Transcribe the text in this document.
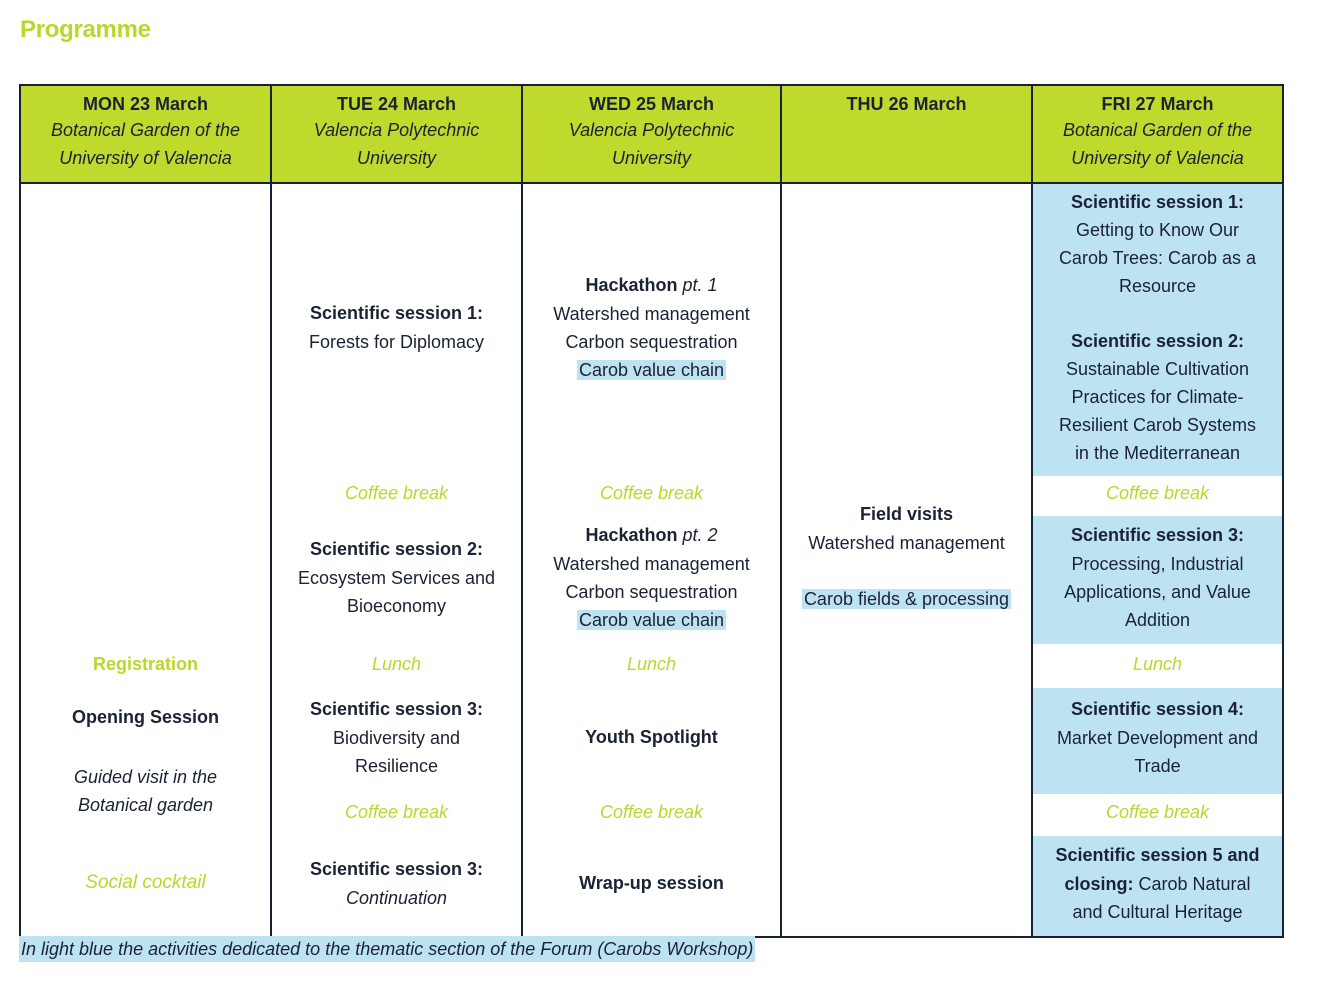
Programme
MON 23 March
Botanical Garden of the
University of Valencia
TUE 24 March
Valencia Polytechnic
University
WED 25 March
Valencia Polytechnic
University
THU 26 March	FRI 27 March
Botanical Garden of the
University of Valencia
Registration
Opening Session
Guided visit in the
Botanical garden
Social cocktail
Scientific session 1:
Forests for Diplomacy
Coffee break
Scientific session 2:
Ecosystem Services and
Bioeconomy
Lunch
Scientific session 3:
Biodiversity and
Resilience
Coffee break
Scientific session 3:
Continuation
Hackathon pt. 1
Watershed management
Carbon sequestration
Carob value chain
Coffee break
Hackathon pt. 2
Watershed management
Carbon sequestration
Carob value chain
Lunch
Youth Spotlight
Coffee break
Wrap-up session
Field visits
Watershed management
Carob fields & processing
Scientific session 1:
Getting to Know Our
Carob Trees: Carob as a
Resource
Scientific session 2:
Sustainable Cultivation
Practices for Climate-
Resilient Carob Systems
in the Mediterranean
Coffee break
Scientific session 3:
Processing, Industrial
Applications, and Value
Addition
Lunch
Scientific session 4:
Market Development and
Trade
Coffee break
Scientific session 5 and
closing: Carob Natural
and Cultural Heritage
In light blue the activities dedicated to the thematic section of the Forum (Carobs Workshop)
